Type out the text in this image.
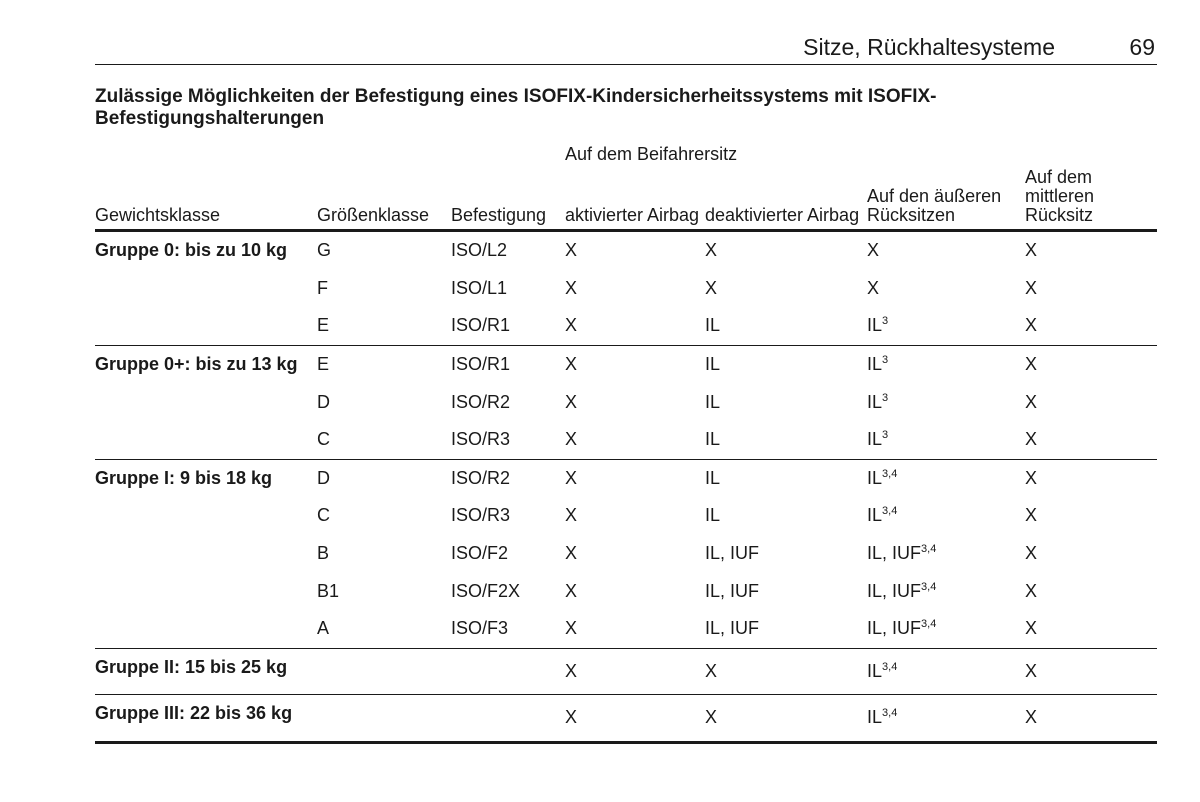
Sitze, Rückhaltesysteme	69
Zulässige Möglichkeiten der Befestigung eines ISOFIX-Kindersicherheitssystems mit ISOFIX-Befestigungshalterungen
			Auf dem Beifahrersitz			Auf dem mittleren Rücksitz
Gewichtsklasse	Größenklasse	Befestigung	aktivierter Airbag	deaktivierter Airbag	Auf den äußeren Rücksitzen	
Gruppe 0: bis zu 10 kg	G	ISO/L2	X	X	X	X
	F	ISO/L1	X	X	X	X
	E	ISO/R1	X	IL	$IL^3$	X
Gruppe 0+: bis zu 13 kg	E	ISO/R1	X	IL	$IL^3$	X
	D	ISO/R2	X	IL	$IL^3$	X
	C	ISO/R3	X	IL	$IL^3$	X
Gruppe I: 9 bis 18 kg	D	ISO/R2	X	IL	IL$^{3,4}$	X
	C	ISO/R3	X	IL	IL$^{3,4}$	X
	B	ISO/F2	X	IL, IUF	IL, IUF$^{3,4}$	X
	B1	ISO/F2X	X	IL, IUF	IL, IUF$^{3,4}$	X
	A	ISO/F3	X	IL, IUF	IL, IUF$^{3,4}$	X
Gruppe II: 15 bis 25 kg			X	X	IL$^{3,4}$	X
Gruppe III: 22 bis 36 kg			X	X	IL$^{3,4}$	X
